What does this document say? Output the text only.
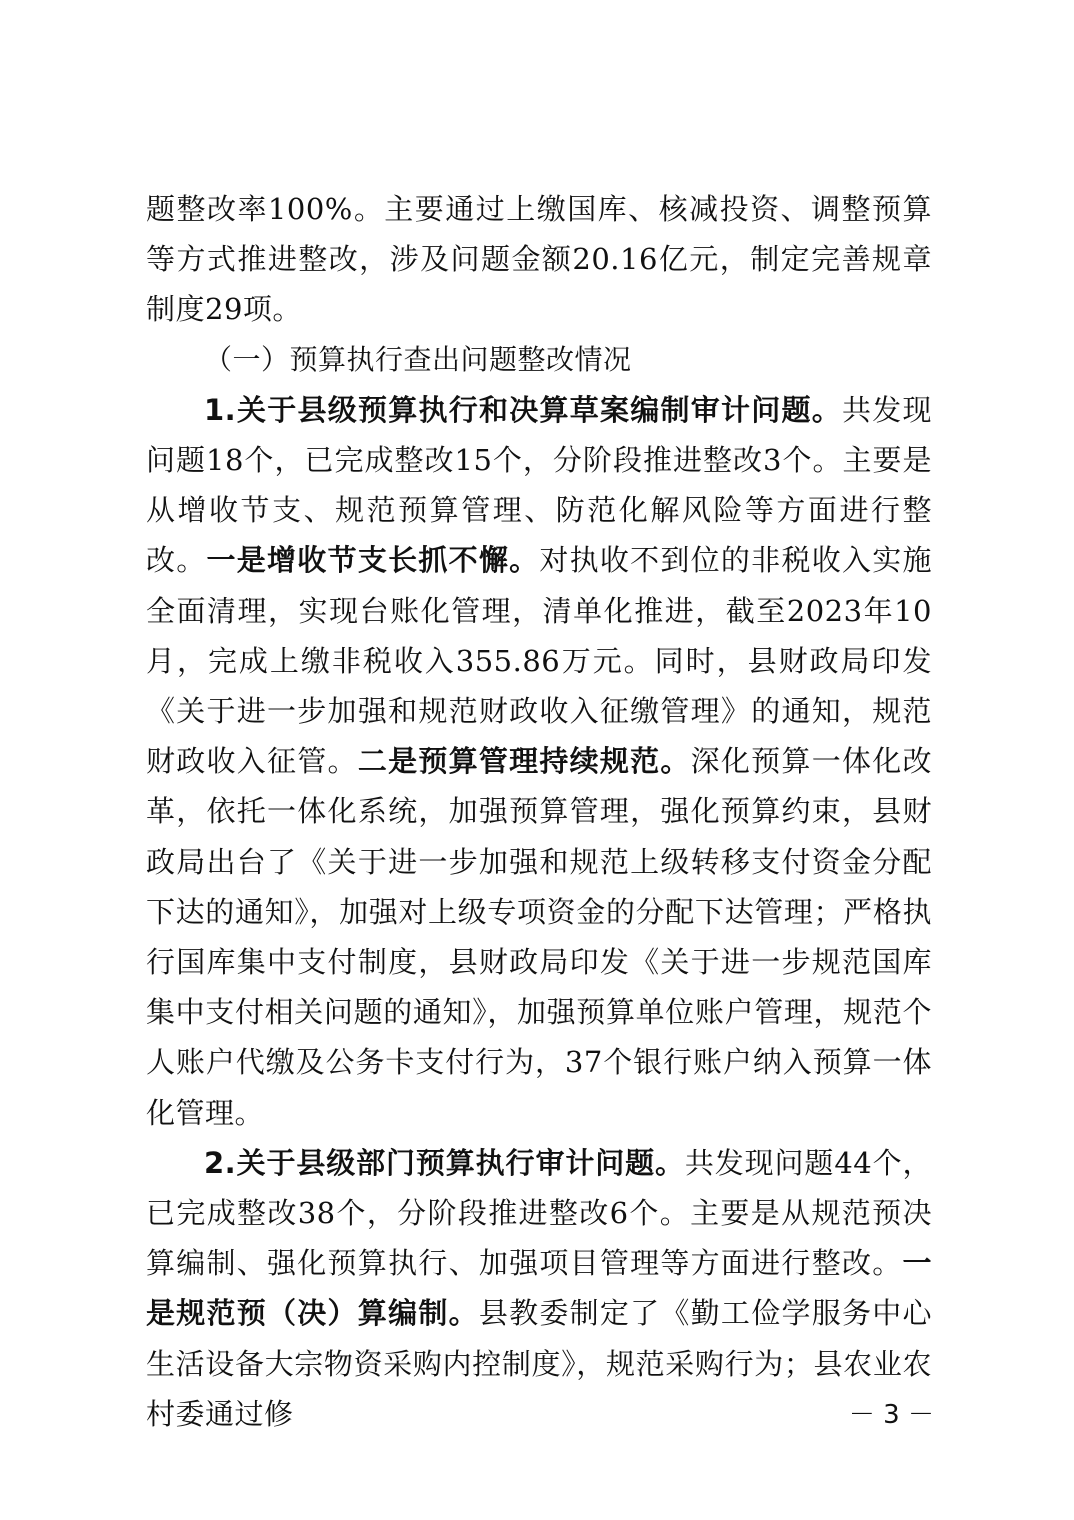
题整改率100%。主要通过上缴国库、核减投资、调整预算等方式推进整改，涉及问题金额20.16亿元，制定完善规章制度29项。

（一）预算执行查出问题整改情况

1.关于县级预算执行和决算草案编制审计问题。共发现问题18个，已完成整改15个，分阶段推进整改3个。主要是从增收节支、规范预算管理、防范化解风险等方面进行整改。一是增收节支长抓不懈。对执收不到位的非税收入实施全面清理，实现台账化管理，清单化推进，截至2023年10月，完成上缴非税收入355.86万元。同时，县财政局印发《关于进一步加强和规范财政收入征缴管理》的通知，规范财政收入征管。二是预算管理持续规范。深化预算一体化改革，依托一体化系统，加强预算管理，强化预算约束，县财政局出台了《关于进一步加强和规范上级转移支付资金分配下达的通知》，加强对上级专项资金的分配下达管理；严格执行国库集中支付制度，县财政局印发《关于进一步规范国库集中支付相关问题的通知》，加强预算单位账户管理，规范个人账户代缴及公务卡支付行为，37个银行账户纳入预算一体化管理。

2.关于县级部门预算执行审计问题。共发现问题44个，已完成整改38个，分阶段推进整改6个。主要是从规范预决算编制、强化预算执行、加强项目管理等方面进行整改。一是规范预（决）算编制。县教委制定了《勤工俭学服务中心生活设备大宗物资采购内控制度》，规范采购行为；县农业农村委通过修	－ 3 －
